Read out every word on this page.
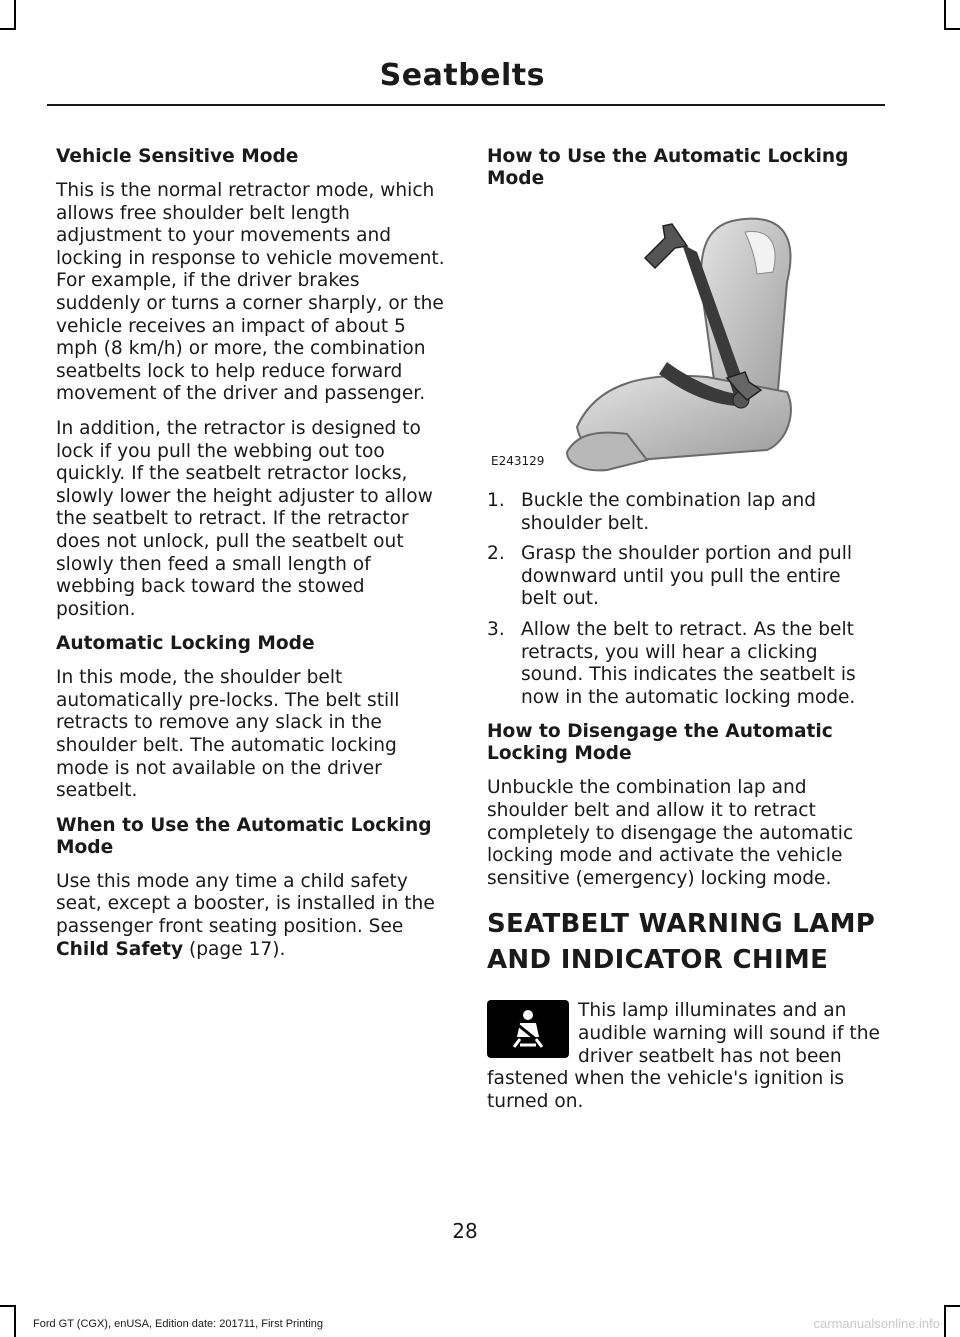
Seatbelts
Vehicle Sensitive Mode

This is the normal retractor mode, which allows free shoulder belt length adjustment to your movements and locking in response to vehicle movement. For example, if the driver brakes suddenly or turns a corner sharply, or the vehicle receives an impact of about 5 mph (8 km/h) or more, the combination seatbelts lock to help reduce forward movement of the driver and passenger.

In addition, the retractor is designed to lock if you pull the webbing out too quickly. If the seatbelt retractor locks, slowly lower the height adjuster to allow the seatbelt to retract. If the retractor does not unlock, pull the seatbelt out slowly then feed a small length of webbing back toward the stowed position.

Automatic Locking Mode

In this mode, the shoulder belt automatically pre-locks. The belt still retracts to remove any slack in the shoulder belt. The automatic locking mode is not available on the driver seatbelt.

When to Use the Automatic Locking Mode

Use this mode any time a child safety seat, except a booster, is installed in the passenger front seating position. See Child Safety (page 17).

How to Use the Automatic Locking Mode
E243129
1. Buckle the combination lap and shoulder belt.
2. Grasp the shoulder portion and pull downward until you pull the entire belt out.
3. Allow the belt to retract. As the belt retracts, you will hear a clicking sound. This indicates the seatbelt is now in the automatic locking mode.
How to Disengage the Automatic Locking Mode

Unbuckle the combination lap and shoulder belt and allow it to retract completely to disengage the automatic locking mode and activate the vehicle sensitive (emergency) locking mode.

SEATBELT WARNING LAMP AND INDICATOR CHIME

This lamp illuminates and an audible warning will sound if the driver seatbelt has not been fastened when the vehicle's ignition is turned on.

28
Ford GT (CGX), enUSA, Edition date: 201711, First Printing	carmanualsonline.info
